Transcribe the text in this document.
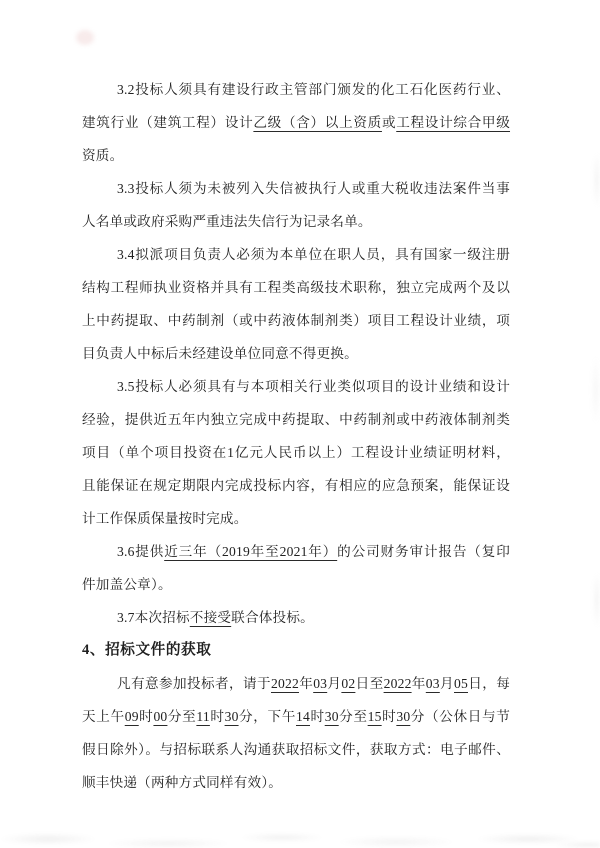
3.2投标人须具有建设行政主管部门颁发的化工石化医药行业、
建筑行业（建筑工程）设计乙级（含）以上资质或工程设计综合甲级
资质。
3.3投标人须为未被列入失信被执行人或重大税收违法案件当事
人名单或政府采购严重违法失信行为记录名单。
3.4拟派项目负责人必须为本单位在职人员，具有国家一级注册
结构工程师执业资格并具有工程类高级技术职称，独立完成两个及以
上中药提取、中药制剂（或中药液体制剂类）项目工程设计业绩，项
目负责人中标后未经建设单位同意不得更换。
3.5投标人必须具有与本项相关行业类似项目的设计业绩和设计
经验，提供近五年内独立完成中药提取、中药制剂或中药液体制剂类
项目（单个项目投资在1亿元人民币以上）工程设计业绩证明材料，
且能保证在规定期限内完成投标内容，有相应的应急预案，能保证设
计工作保质保量按时完成。
3.6提供近三年（2019年至2021年）的公司财务审计报告（复印
件加盖公章）。
3.7本次招标不接受联合体投标。
4、招标文件的获取
凡有意参加投标者，请于2022年03月02日至2022年03月05日，每
天上午09时00分至11时30分，下午14时30分至15时30分（公休日与节
假日除外）。与招标联系人沟通获取招标文件，获取方式：电子邮件、
顺丰快递（两种方式同样有效）。
